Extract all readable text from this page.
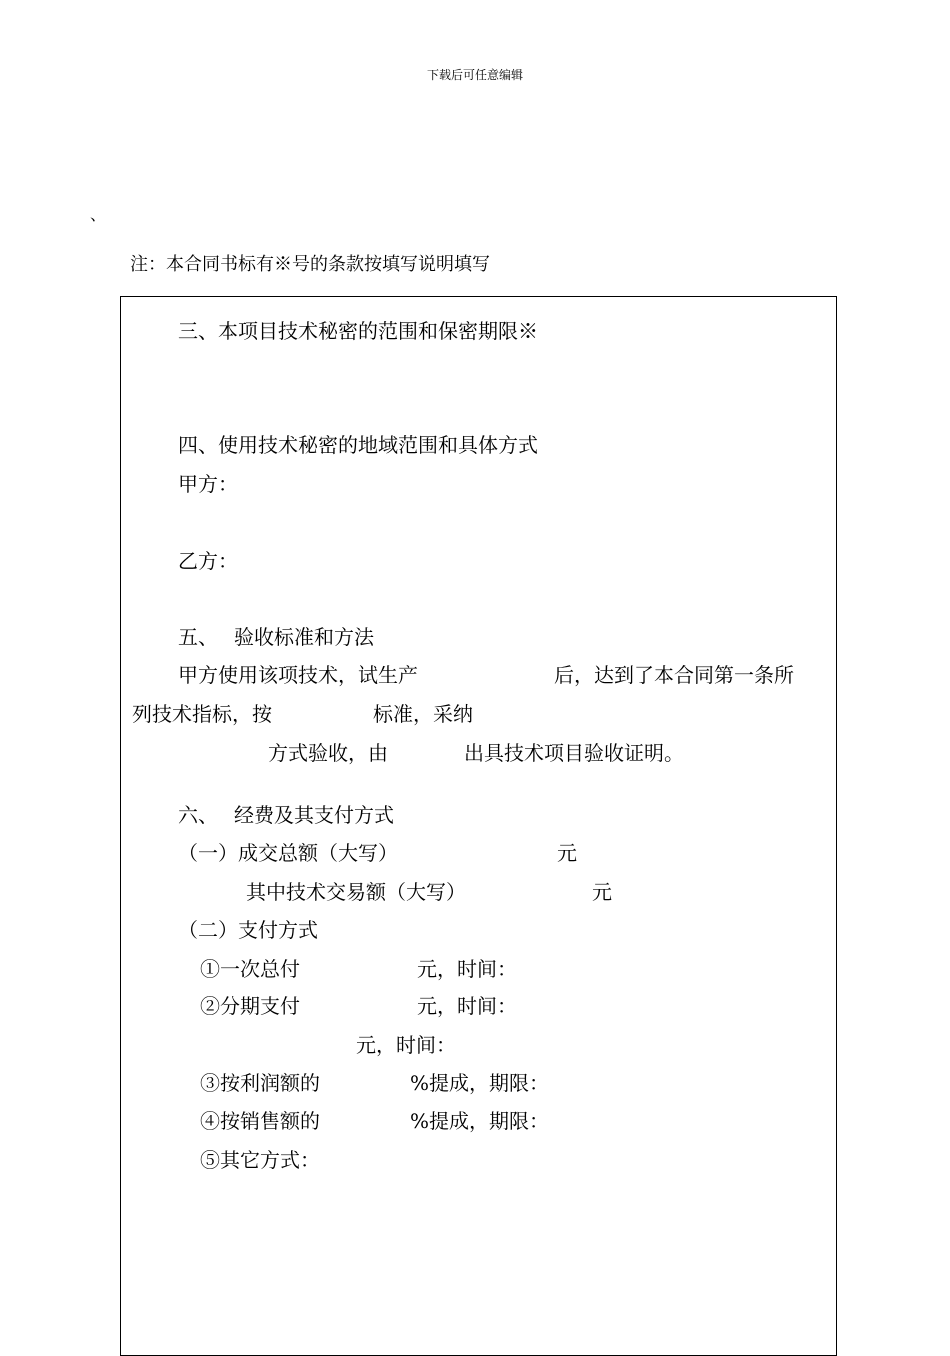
下载后可任意编辑
、
注：本合同书标有※号的条款按填写说明填写
三、本项目技术秘密的范围和保密期限※
四、使用技术秘密的地域范围和具体方式
甲方：
乙方：
五、 验收标准和方法
甲方使用该项技术，试生产	后，达到了本合同第一条所
列技术指标，按	标准，采纳
方式验收，由	出具技术项目验收证明。
六、 经费及其支付方式
（一）成交总额（大写）	元
其中技术交易额（大写）	元
（二）支付方式
①一次总付	元，时间：
②分期支付	元，时间：
元，时间：
③按利润额的	%提成，期限：
④按销售额的	%提成，期限：
⑤其它方式：
